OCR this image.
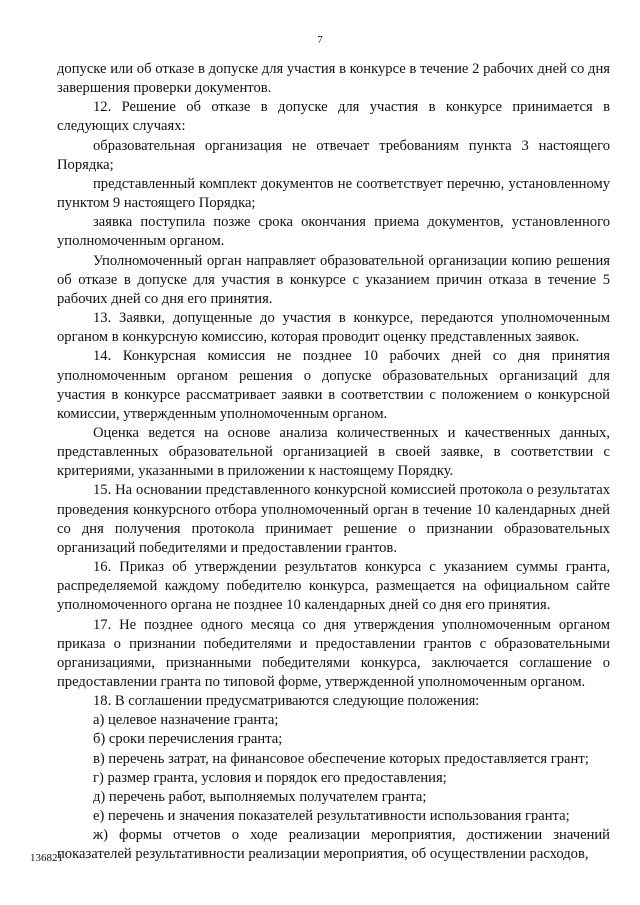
7

допуске или об отказе в допуске для участия в конкурсе в течение 2 рабочих дней со дня завершения проверки документов.

12. Решение об отказе в допуске для участия в конкурсе принимается в следующих случаях:

образовательная организация не отвечает требованиям пункта 3 настоящего Порядка;

представленный комплект документов не соответствует перечню, установленному пунктом 9 настоящего Порядка;

заявка поступила позже срока окончания приема документов, установленного уполномоченным органом.

Уполномоченный орган направляет образовательной организации копию решения об отказе в допуске для участия в конкурсе с указанием причин отказа в течение 5 рабочих дней со дня его принятия.

13. Заявки, допущенные до участия в конкурсе, передаются уполномоченным органом в конкурсную комиссию, которая проводит оценку представленных заявок.

14. Конкурсная комиссия не позднее 10 рабочих дней со дня принятия уполномоченным органом решения о допуске образовательных организаций для участия в конкурсе рассматривает заявки в соответствии с положением о конкурсной комиссии, утвержденным уполномоченным органом.

Оценка ведется на основе анализа количественных и качественных данных, представленных образовательной организацией в своей заявке, в соответствии с критериями, указанными в приложении к настоящему Порядку.

15. На основании представленного конкурсной комиссией протокола о результатах проведения конкурсного отбора уполномоченный орган в течение 10 календарных дней со дня получения протокола принимает решение о признании образовательных организаций победителями и предоставлении грантов.

16. Приказ об утверждении результатов конкурса с указанием суммы гранта, распределяемой каждому победителю конкурса, размещается на официальном сайте уполномоченного органа не позднее 10 календарных дней со дня его принятия.

17. Не позднее одного месяца со дня утверждения уполномоченным органом приказа о признании победителями и предоставлении грантов с образовательными организациями, признанными победителями конкурса, заключается соглашение о предоставлении гранта по типовой форме, утвержденной уполномоченным органом.

18. В соглашении предусматриваются следующие положения:

а) целевое назначение гранта;

б) сроки перечисления гранта;

в) перечень затрат, на финансовое обеспечение которых предоставляется грант;

г) размер гранта, условия и порядок его предоставления;

д) перечень работ, выполняемых получателем гранта;

е) перечень и значения показателей результативности использования гранта;

ж) формы отчетов о ходе реализации мероприятия, достижении значений показателей результативности реализации мероприятия, об осуществлении расходов,

136821
